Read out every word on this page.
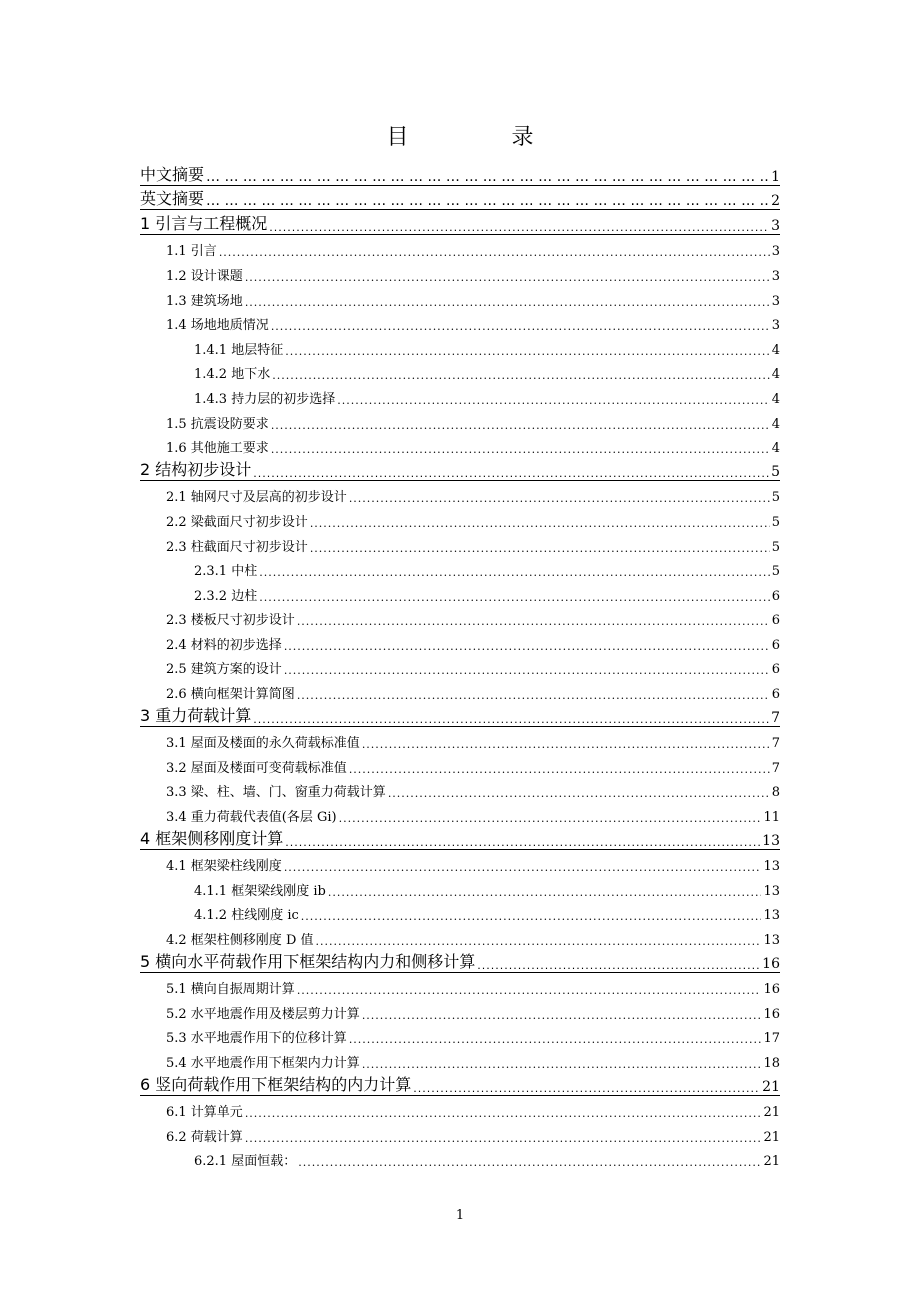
目 录
中文摘要 … … … … … … … … … … … … … … … … … … … … … … … … … … … … … … … … … … … … … … … … … … … … … … … … … … … … … …	1
英文摘要 … … … … … … … … … … … … … … … … … … … … … … … … … … … … … … … … … … … … … … … … … … … … … … … … … … … … … …	2
1 引言与工程概况 .....	3
1.1 引言 .....	3
1.2 设计课题 .....	3
1.3 建筑场地 .....	3
1.4 场地地质情况 .....	3
1.4.1 地层特征 .....	4
1.4.2 地下水 .....	4
1.4.3 持力层的初步选择 .....	4
1.5 抗震设防要求 .....	4
1.6 其他施工要求 .....	4
2 结构初步设计 .....	5
2.1 轴网尺寸及层高的初步设计 .....	5
2.2 梁截面尺寸初步设计 .....	5
2.3 柱截面尺寸初步设计 .....	5
2.3.1 中柱 .....	5
2.3.2 边柱 .....	6
2.3 楼板尺寸初步设计 .....	6
2.4 材料的初步选择 .....	6
2.5 建筑方案的设计 .....	6
2.6 横向框架计算简图 .....	6
3 重力荷载计算 .....	7
3.1 屋面及楼面的永久荷载标准值 .....	7
3.2 屋面及楼面可变荷载标准值 .....	7
3.3 梁、柱、墙、门、窗重力荷载计算 .....	8
3.4 重力荷载代表值(各层 Gi) .....	11
4 框架侧移刚度计算 .....	13
4.1 框架梁柱线刚度 .....	13
4.1.1 框架梁线刚度 ib .....	13
4.1.2 柱线刚度 ic .....	13
4.2 框架柱侧移刚度 D 值 .....	13
5 横向水平荷载作用下框架结构内力和侧移计算 .....	16
5.1 横向自振周期计算 .....	16
5.2 水平地震作用及楼层剪力计算 .....	16
5.3 水平地震作用下的位移计算 .....	17
5.4 水平地震作用下框架内力计算 .....	18
6 竖向荷载作用下框架结构的内力计算 .....	21
6.1 计算单元 .....	21
6.2 荷载计算 .....	21
6.2.1 屋面恒载： .....	21
1
